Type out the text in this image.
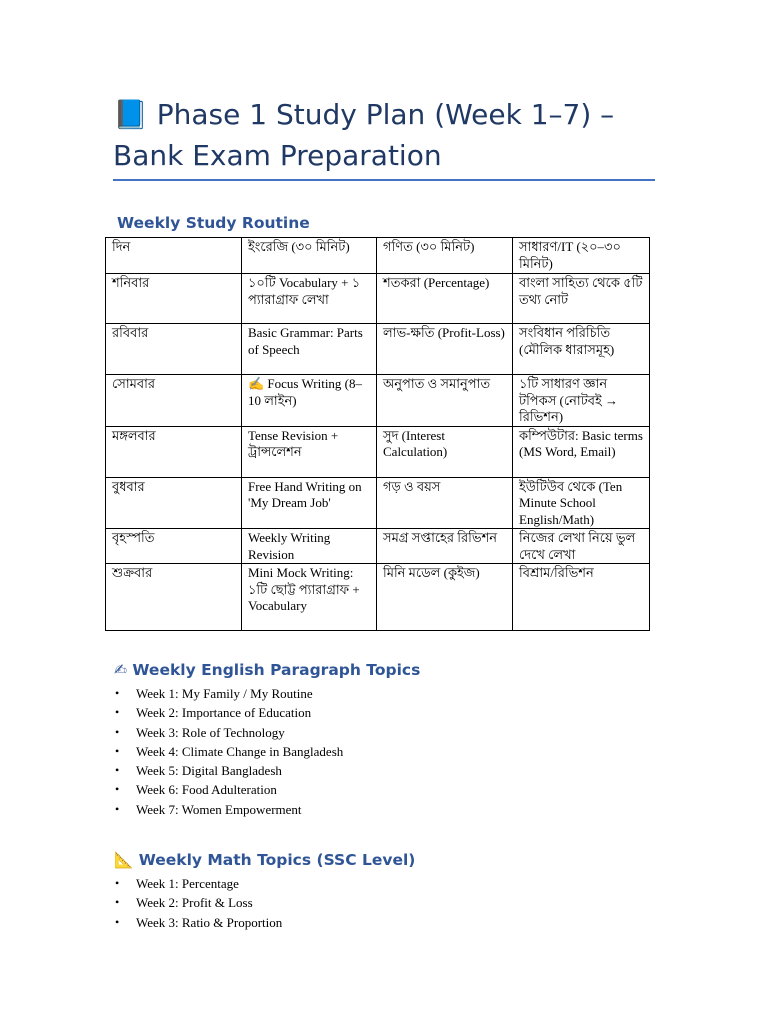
📘 Phase 1 Study Plan (Week 1–7) – Bank Exam Preparation
Weekly Study Routine
দিন	ইংরেজি (৩০ মিনিট)	গণিত (৩০ মিনিট)	সাধারণ/IT (২০–৩০ মিনিট)
শনিবার	১০টি Vocabulary + ১ প্যারাগ্রাফ লেখা	শতকরা (Percentage)	বাংলা সাহিত্য থেকে ৫টি তথ্য নোট
রবিবার	Basic Grammar: Parts of Speech	লাভ-ক্ষতি (Profit-Loss)	সংবিধান পরিচিতি (মৌলিক ধারাসমূহ)
সোমবার	✍ Focus Writing (8–10 লাইন)	অনুপাত ও সমানুপাত	১টি সাধারণ জ্ঞান টপিকস (নোটবই → রিভিশন)
মঙ্গলবার	Tense Revision + ট্রান্সলেশন	সুদ (Interest Calculation)	কম্পিউটার: Basic terms (MS Word, Email)
বুধবার	Free Hand Writing on 'My Dream Job'	গড় ও বয়স	ইউটিউব থেকে (Ten Minute School English/Math)
বৃহস্পতি	Weekly Writing Revision	সমগ্র সপ্তাহের রিভিশন	নিজের লেখা নিয়ে ভুল দেখে লেখা
শুক্রবার	Mini Mock Writing: ১টি ছোট্ট প্যারাগ্রাফ + Vocabulary	মিনি মডেল (কুইজ)	বিশ্রাম/রিভিশন
✍ Weekly English Paragraph Topics
• Week 1: My Family / My Routine
• Week 2: Importance of Education
• Week 3: Role of Technology
• Week 4: Climate Change in Bangladesh
• Week 5: Digital Bangladesh
• Week 6: Food Adulteration
• Week 7: Women Empowerment
📐 Weekly Math Topics (SSC Level)
• Week 1: Percentage
• Week 2: Profit & Loss
• Week 3: Ratio & Proportion
